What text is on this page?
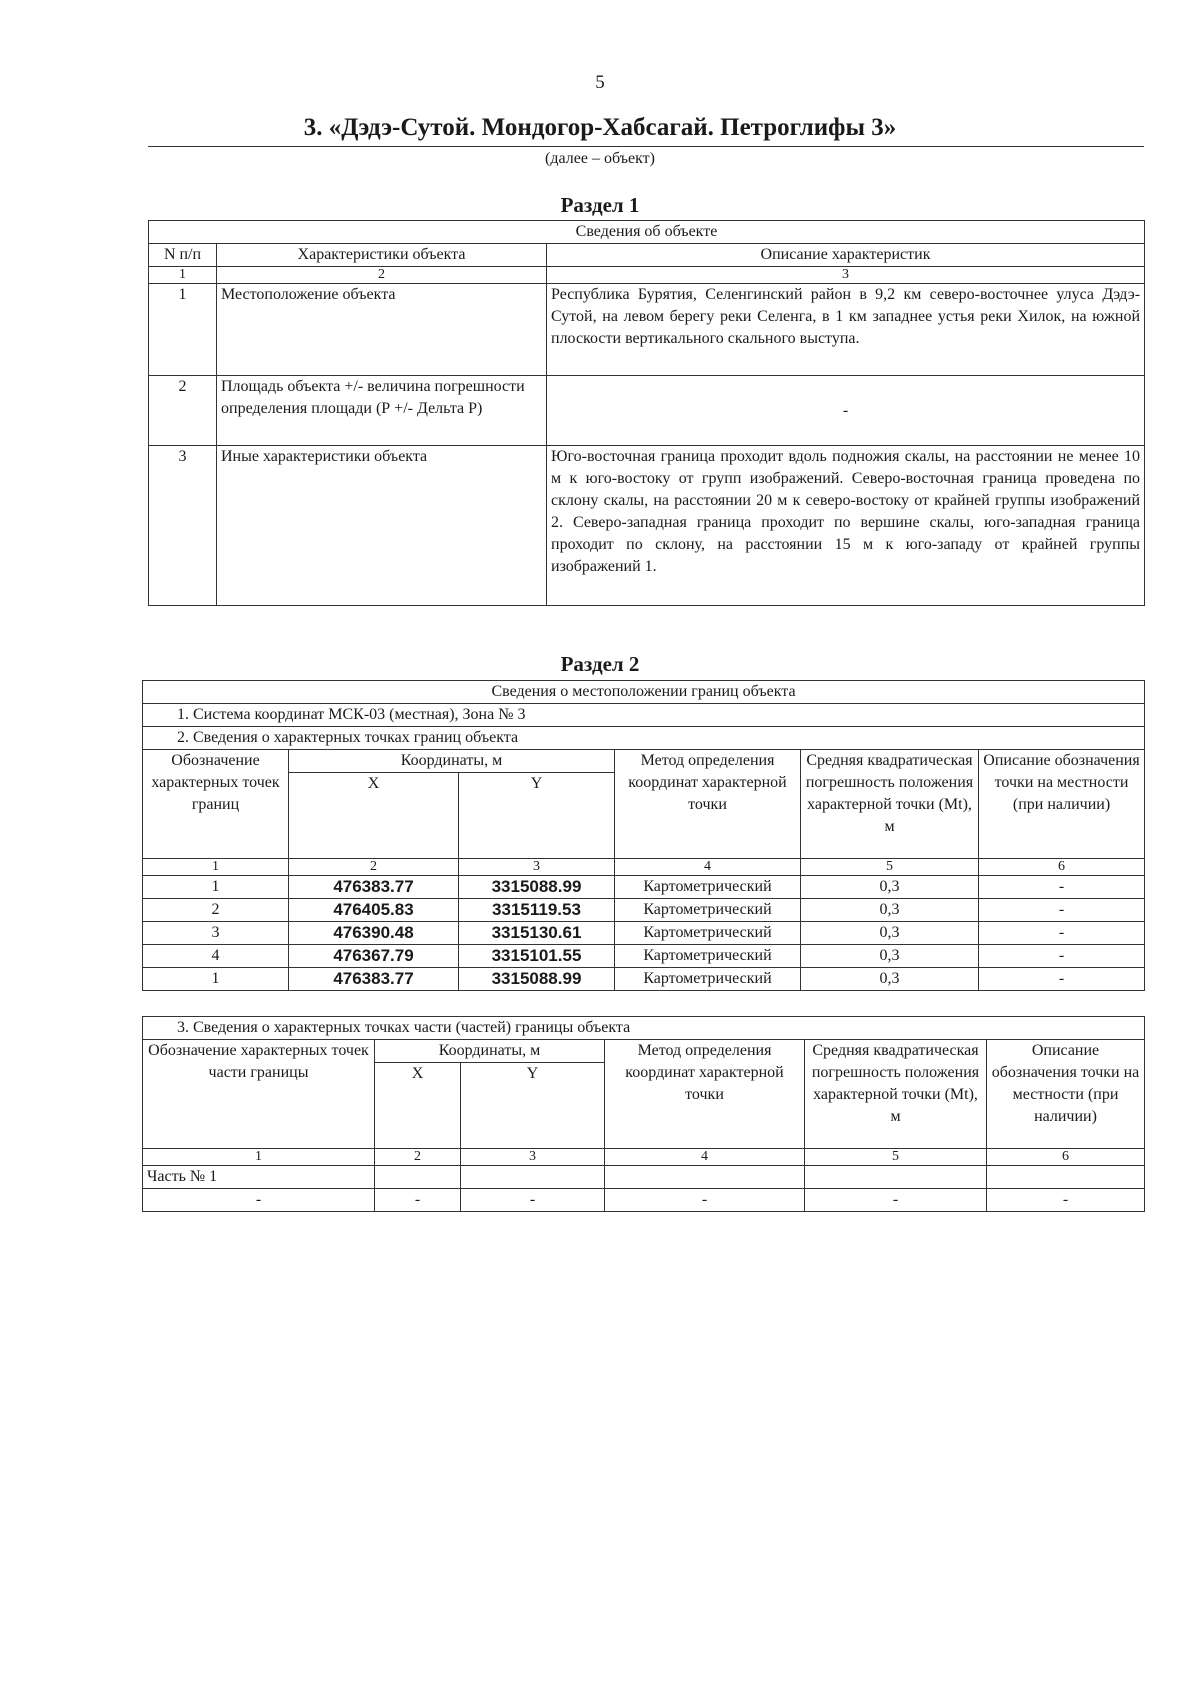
5
3. «Дэдэ-Сутой. Мондогор-Хабсагай. Петроглифы 3»
(далее – объект)
Раздел 1
Сведения об объекте		
N п/п	Характеристики объекта	Описание характеристик
1	2	3
1	Местоположение объекта	Республика Бурятия, Селенгинский район в 9,2 км северо-восточнее улуса Дэдэ-Сутой, на левом берегу реки Селенга, в 1 км западнее устья реки Хилок, на южной плоскости вертикального скального выступа.
2	Площадь объекта +/- величина погрешности определения площади (Р +/- Дельта Р)	-
3	Иные характеристики объекта	Юго-восточная граница проходит вдоль подножия скалы, на расстоянии не менее 10 м к юго-востоку от групп изображений. Северо-восточная граница проведена по склону скалы, на расстоянии 20 м к северо-востоку от крайней группы изображений 2. Северо-западная граница проходит по вершине скалы, юго-западная граница проходит по склону, на расстоянии 15 м к юго-западу от крайней группы изображений 1.
Раздел 2
Сведения о местоположении границ объекта					
1. Система координат МСК-03 (местная), Зона № 3					
2. Сведения о характерных точках границ объекта					
Обозначение характерных точек границ	Координаты, м		Метод определения координат характерной точки	Средняя квадратическая погрешность положения характерной точки (Mt), м	Описание обозначения точки на местности (при наличии)
	X	Y			
1	2	3	4	5	6
1	476383.77	3315088.99	Картометрический	0,3	-
2	476405.83	3315119.53	Картометрический	0,3	-
3	476390.48	3315130.61	Картометрический	0,3	-
4	476367.79	3315101.55	Картометрический	0,3	-
1	476383.77	3315088.99	Картометрический	0,3	-
3. Сведения о характерных точках части (частей) границы объекта					
Обозначение характерных точек части границы	Координаты, м		Метод определения координат характерной точки	Средняя квадратическая погрешность положения характерной точки (Mt), м	Описание обозначения точки на местности (при наличии)
	X	Y			
1	2	3	4	5	6
Часть № 1					
-	-	-	-	-	-
